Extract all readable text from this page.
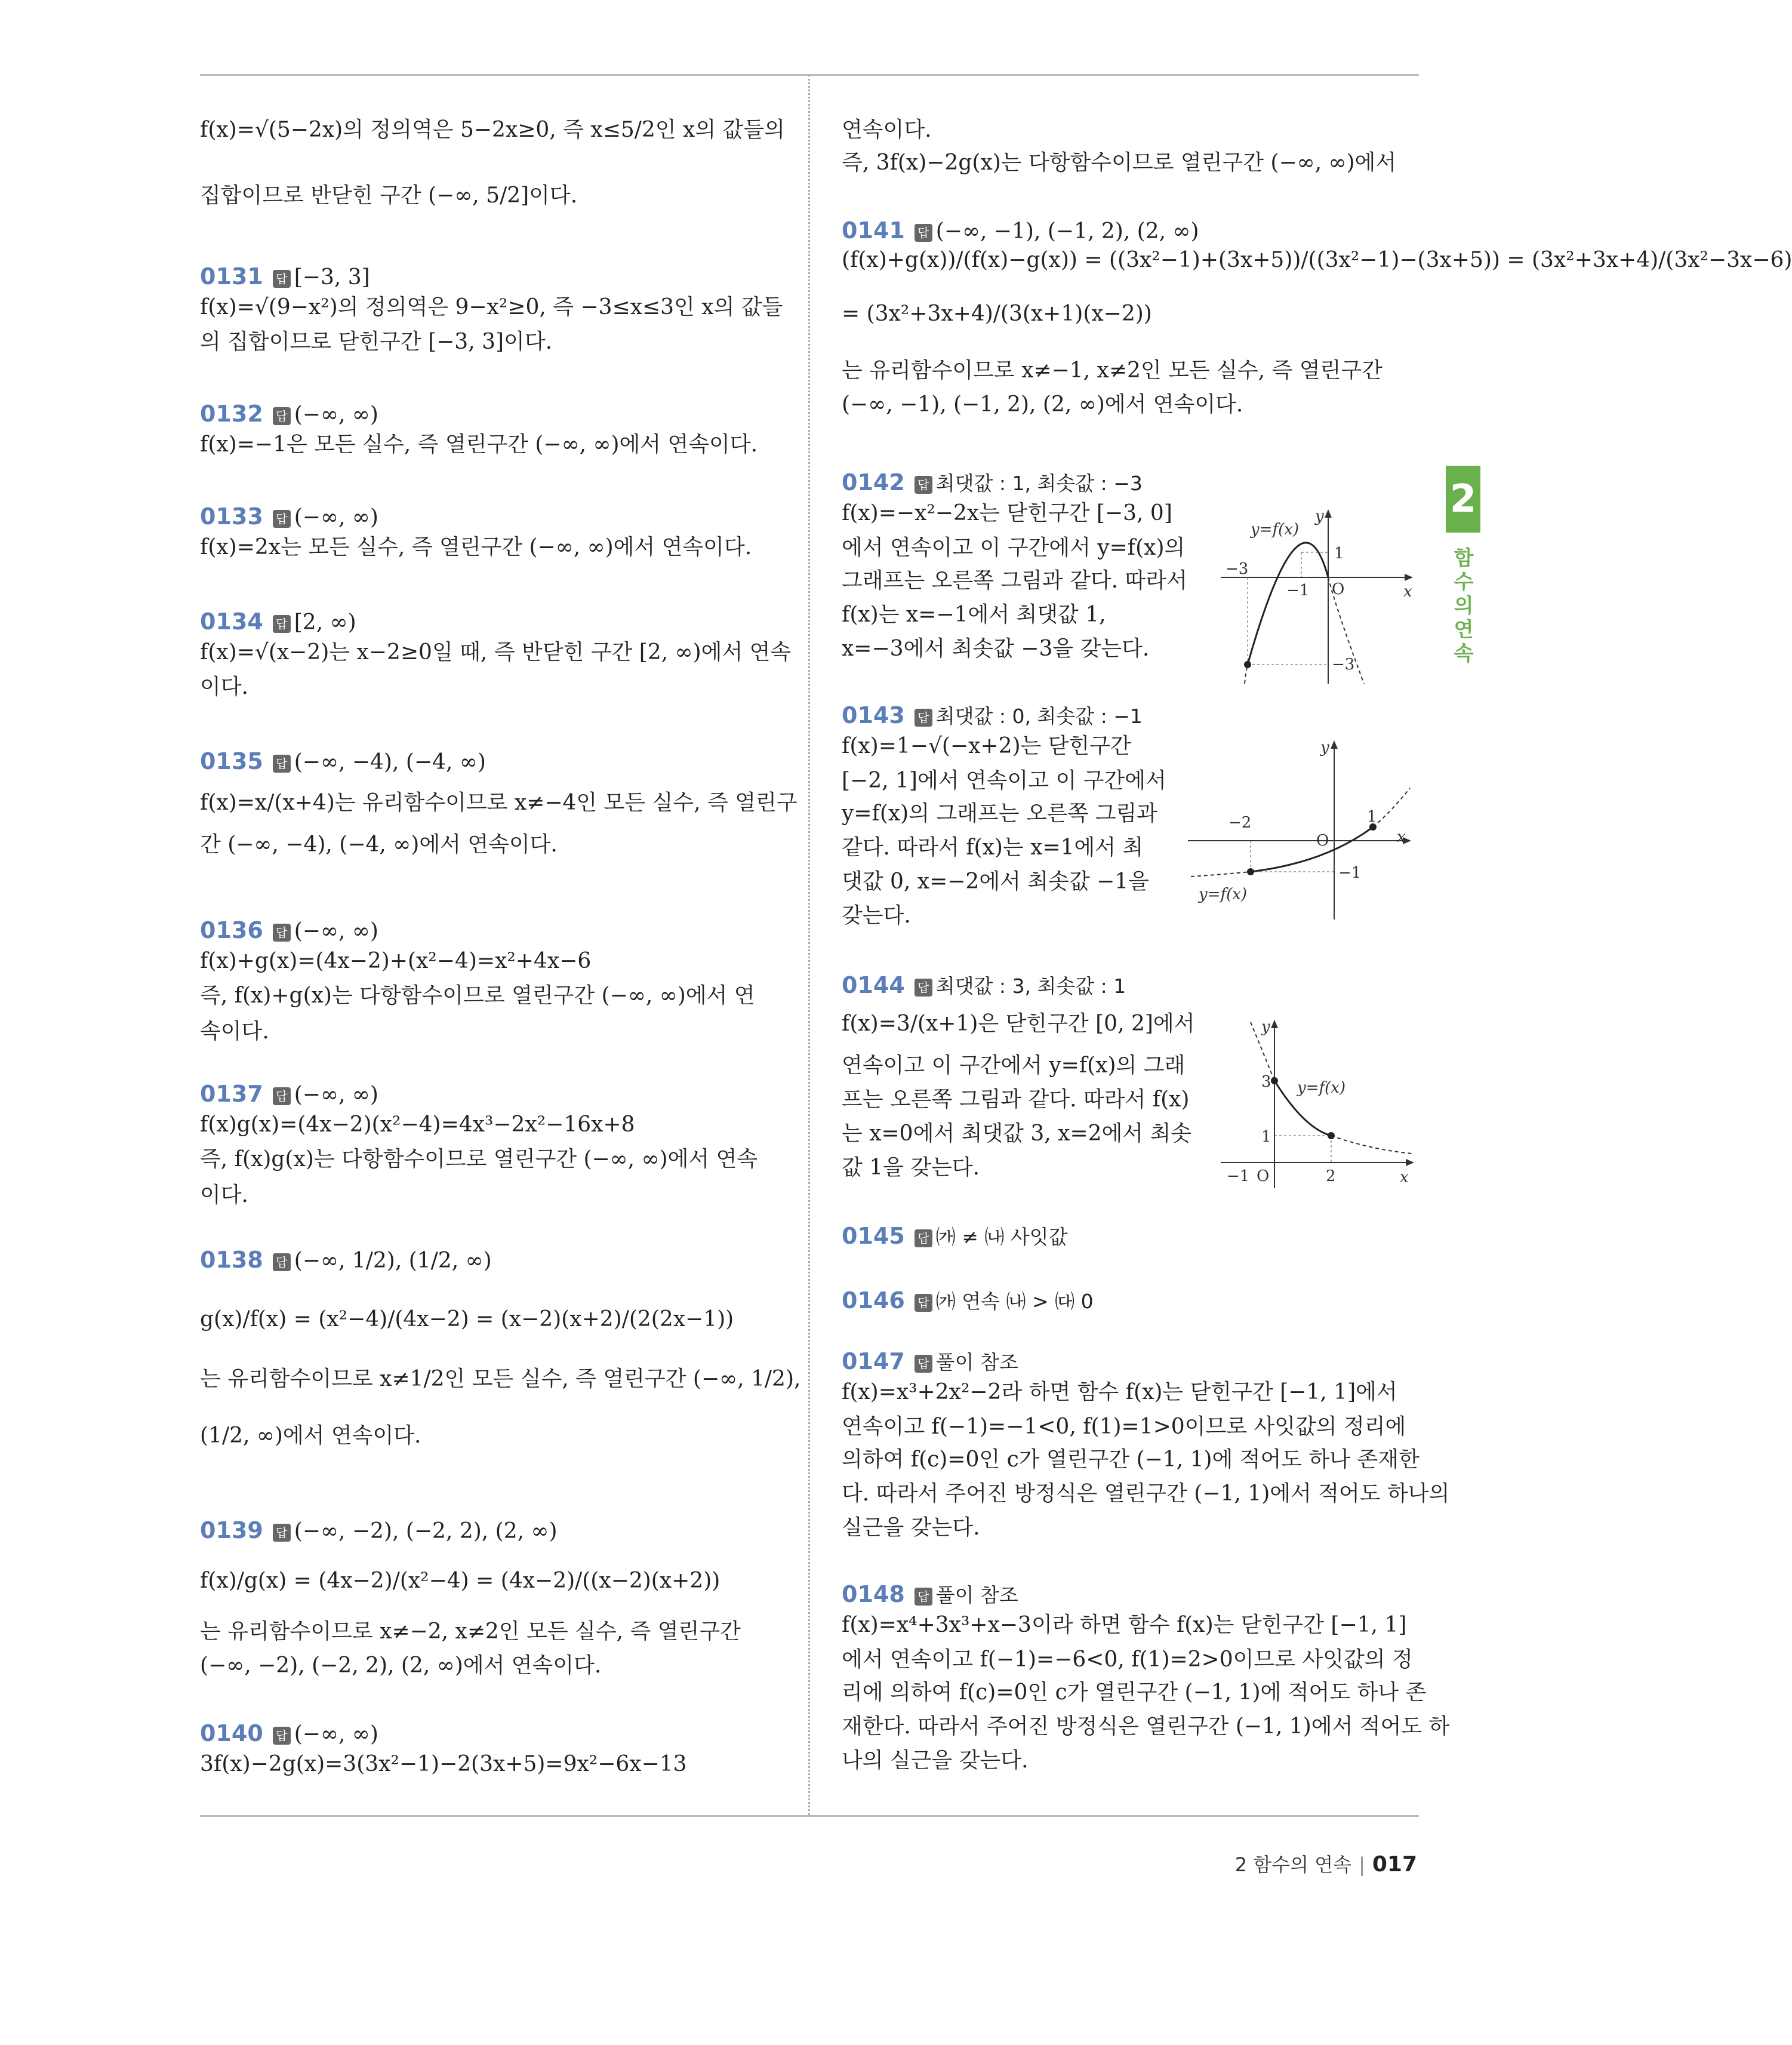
f(x)=√(5−2x)의 정의역은 5−2x≥0, 즉 x≤5/2인 x의 값들의
집합이므로 반닫힌 구간 (−∞, 5/2]이다.
0131 답 [−3, 3]
f(x)=√(9−x²)의 정의역은 9−x²≥0, 즉 −3≤x≤3인 x의 값들
의 집합이므로 닫힌구간 [−3, 3]이다.
0132 답 (−∞, ∞)
f(x)=−1은 모든 실수, 즉 열린구간 (−∞, ∞)에서 연속이다.
0133 답 (−∞, ∞)
f(x)=2x는 모든 실수, 즉 열린구간 (−∞, ∞)에서 연속이다.
0134 답 [2, ∞)
f(x)=√(x−2)는 x−2≥0일 때, 즉 반닫힌 구간 [2, ∞)에서 연속
이다.
0135 답 (−∞, −4), (−4, ∞)
f(x)=x/(x+4)는 유리함수이므로 x≠−4인 모든 실수, 즉 열린구
간 (−∞, −4), (−4, ∞)에서 연속이다.
0136 답 (−∞, ∞)
f(x)+g(x)=(4x−2)+(x²−4)=x²+4x−6
즉, f(x)+g(x)는 다항함수이므로 열린구간 (−∞, ∞)에서 연
속이다.
0137 답 (−∞, ∞)
f(x)g(x)=(4x−2)(x²−4)=4x³−2x²−16x+8
즉, f(x)g(x)는 다항함수이므로 열린구간 (−∞, ∞)에서 연속
이다.
0138 답 (−∞, 1/2), (1/2, ∞)
g(x)/f(x) = (x²−4)/(4x−2) = (x−2)(x+2)/(2(2x−1))
는 유리함수이므로 x≠1/2인 모든 실수, 즉 열린구간 (−∞, 1/2),
(1/2, ∞)에서 연속이다.
0139 답 (−∞, −2), (−2, 2), (2, ∞)
f(x)/g(x) = (4x−2)/(x²−4) = (4x−2)/((x−2)(x+2))
는 유리함수이므로 x≠−2, x≠2인 모든 실수, 즉 열린구간
(−∞, −2), (−2, 2), (2, ∞)에서 연속이다.
0140 답 (−∞, ∞)
3f(x)−2g(x)=3(3x²−1)−2(3x+5)=9x²−6x−13
즉, 3f(x)−2g(x)는 다항함수이므로 열린구간 (−∞, ∞)에서
연속이다.
0141 답 (−∞, −1), (−1, 2), (2, ∞)
(f(x)+g(x))/(f(x)−g(x)) = ((3x²−1)+(3x+5))/((3x²−1)−(3x+5)) = (3x²+3x+4)/(3x²−3x−6)
= (3x²+3x+4)/(3(x+1)(x−2))
는 유리함수이므로 x≠−1, x≠2인 모든 실수, 즉 열린구간
(−∞, −1), (−1, 2), (2, ∞)에서 연속이다.
0142 답 최댓값 : 1, 최솟값 : −3
f(x)=−x²−2x는 닫힌구간 [−3, 0]
에서 연속이고 이 구간에서 y=f(x)의
그래프는 오른쪽 그림과 같다. 따라서
f(x)는 x=−1에서 최댓값 1,
x=−3에서 최솟값 −3을 갖는다.
0143 답 최댓값 : 0, 최솟값 : −1
f(x)=1−√(−x+2)는 닫힌구간
[−2, 1]에서 연속이고 이 구간에서
y=f(x)의 그래프는 오른쪽 그림과
같다. 따라서 f(x)는 x=1에서 최
댓값 0, x=−2에서 최솟값 −1을
갖는다.
0144 답 최댓값 : 3, 최솟값 : 1
f(x)=3/(x+1)은 닫힌구간 [0, 2]에서
연속이고 이 구간에서 y=f(x)의 그래
프는 오른쪽 그림과 같다. 따라서 f(x)
는 x=0에서 최댓값 3, x=2에서 최솟
값 1을 갖는다.
0145 답 ㈎ ≠ ㈏ 사잇값
0146 답 ㈎ 연속 ㈏ > ㈐ 0
0147 답 풀이 참조
f(x)=x³+2x²−2라 하면 함수 f(x)는 닫힌구간 [−1, 1]에서
연속이고 f(−1)=−1<0, f(1)=1>0이므로 사잇값의 정리에
의하여 f(c)=0인 c가 열린구간 (−1, 1)에 적어도 하나 존재한
다. 따라서 주어진 방정식은 열린구간 (−1, 1)에서 적어도 하나의
실근을 갖는다.
0148 답 풀이 참조
f(x)=x⁴+3x³+x−3이라 하면 함수 f(x)는 닫힌구간 [−1, 1]
에서 연속이고 f(−1)=−6<0, f(1)=2>0이므로 사잇값의 정
리에 의하여 f(c)=0인 c가 열린구간 (−1, 1)에 적어도 하나 존
재한다. 따라서 주어진 방정식은 열린구간 (−1, 1)에서 적어도 하
나의 실근을 갖는다.
y=f(x)
y
x
O
1
−3
−1
−3
y
x
O
−2	1
−1
y=f(x)
y
x
O
3
1
−1	2
y=f(x)
2
함수의 연속
2 함수의 연속 | 017
